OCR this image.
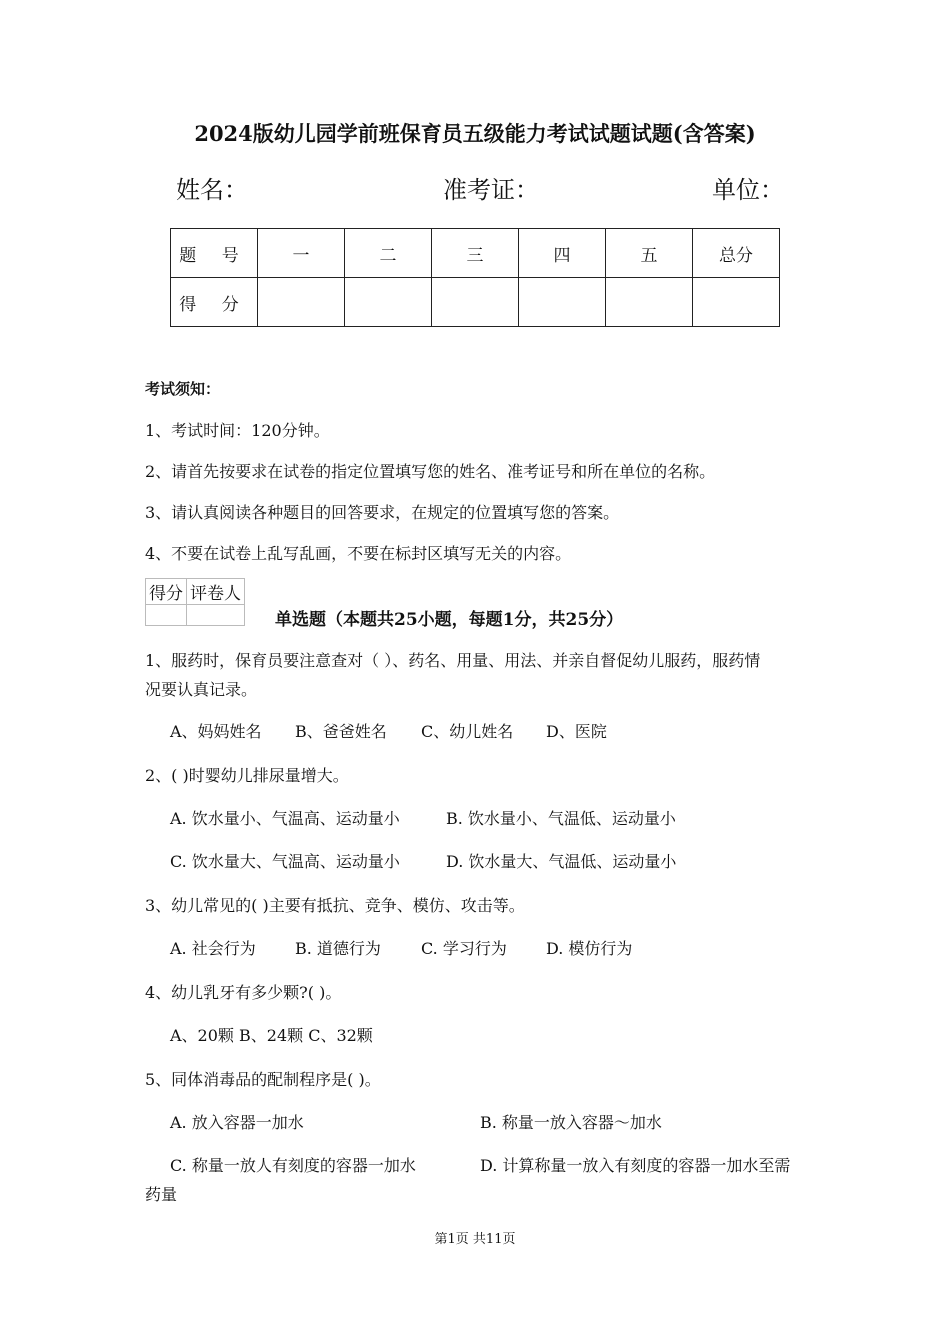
2024版幼儿园学前班保育员五级能力考试试题试题(含答案)
姓名：	准考证：	单位：
题 号	一	二	三	四	五	总分
得 分						
考试须知：
1、考试时间：120分钟。
2、请首先按要求在试卷的指定位置填写您的姓名、准考证号和所在单位的名称。
3、请认真阅读各种题目的回答要求，在规定的位置填写您的答案。
4、不要在试卷上乱写乱画，不要在标封区填写无关的内容。
得分	评卷人

单选题（本题共25小题，每题1分，共25分）
1、服药时，保育员要注意查对（ ）、药名、用量、用法、并亲自督促幼儿服药，服药情
况要认真记录。
A、妈妈姓名 B、爸爸姓名 C、幼儿姓名 D、医院
2、( )时婴幼儿排尿量增大。
A. 饮水量小、气温高、运动量小	B. 饮水量小、气温低、运动量小
C. 饮水量大、气温高、运动量小	D. 饮水量大、气温低、运动量小
3、幼儿常见的( )主要有抵抗、竞争、模仿、攻击等。
A. 社会行为 B. 道德行为	C. 学习行为 D. 模仿行为
4、幼儿乳牙有多少颗?( )。
A、20颗 B、24颗 C、32颗
5、同体消毒品的配制程序是( )。
A. 放入容器一加水	B. 称量一放入容器～加水
C. 称量一放人有刻度的容器一加水	D. 计算称量一放入有刻度的容器一加水至需
药量
第1页 共11页
